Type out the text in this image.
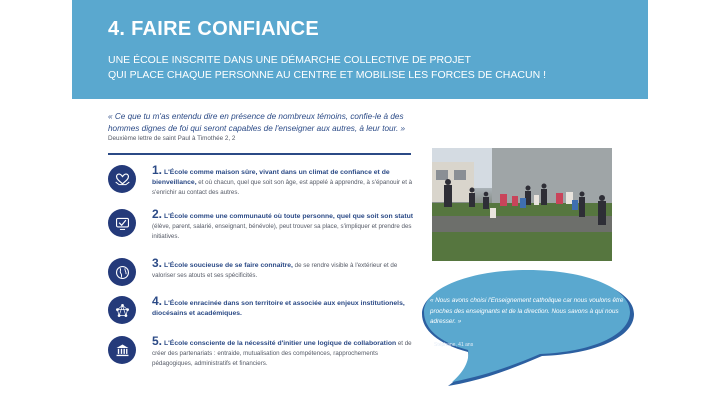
4. FAIRE CONFIANCE
UNE ÉCOLE INSCRITE DANS UNE DÉMARCHE COLLECTIVE DE PROJET
QUI PLACE CHAQUE PERSONNE AU CENTRE ET MOBILISE LES FORCES DE CHACUN !
« Ce que tu m'as entendu dire en présence de nombreux témoins, confie-le à des hommes dignes de foi qui seront capables de l'enseigner aux autres, à leur tour. »
Deuxième lettre de saint Paul à Timothée 2, 2
1. L'École comme maison sûre, vivant dans un climat de confiance et de bienveillance, et où chacun, quel que soit son âge, est appelé à apprendre, à s'épanouir et à s'enrichir au contact des autres.
2. L'École comme une communauté où toute personne, quel que soit son statut (élève, parent, salarié, enseignant, bénévole), peut trouver sa place, s'impliquer et prendre des initiatives.
3. L'École soucieuse de se faire connaître, de se rendre visible à l'extérieur et de valoriser ses atouts et ses spécificités.
4. L'École enracinée dans son territoire et associée aux enjeux institutionels, diocésains et académiques.
5. L'École consciente de la nécessité d'initier une logique de collaboration et de créer des partenariats : entraide, mutualisation des compétences, rapprochements pédagogiques, administratifs et financiers.
« Nous avons choisi l'Enseignement catholique car nous voulons être proches des enseignants et de la direction. Nous savons à qui nous adresser. »
Stéphane, 41 ans
